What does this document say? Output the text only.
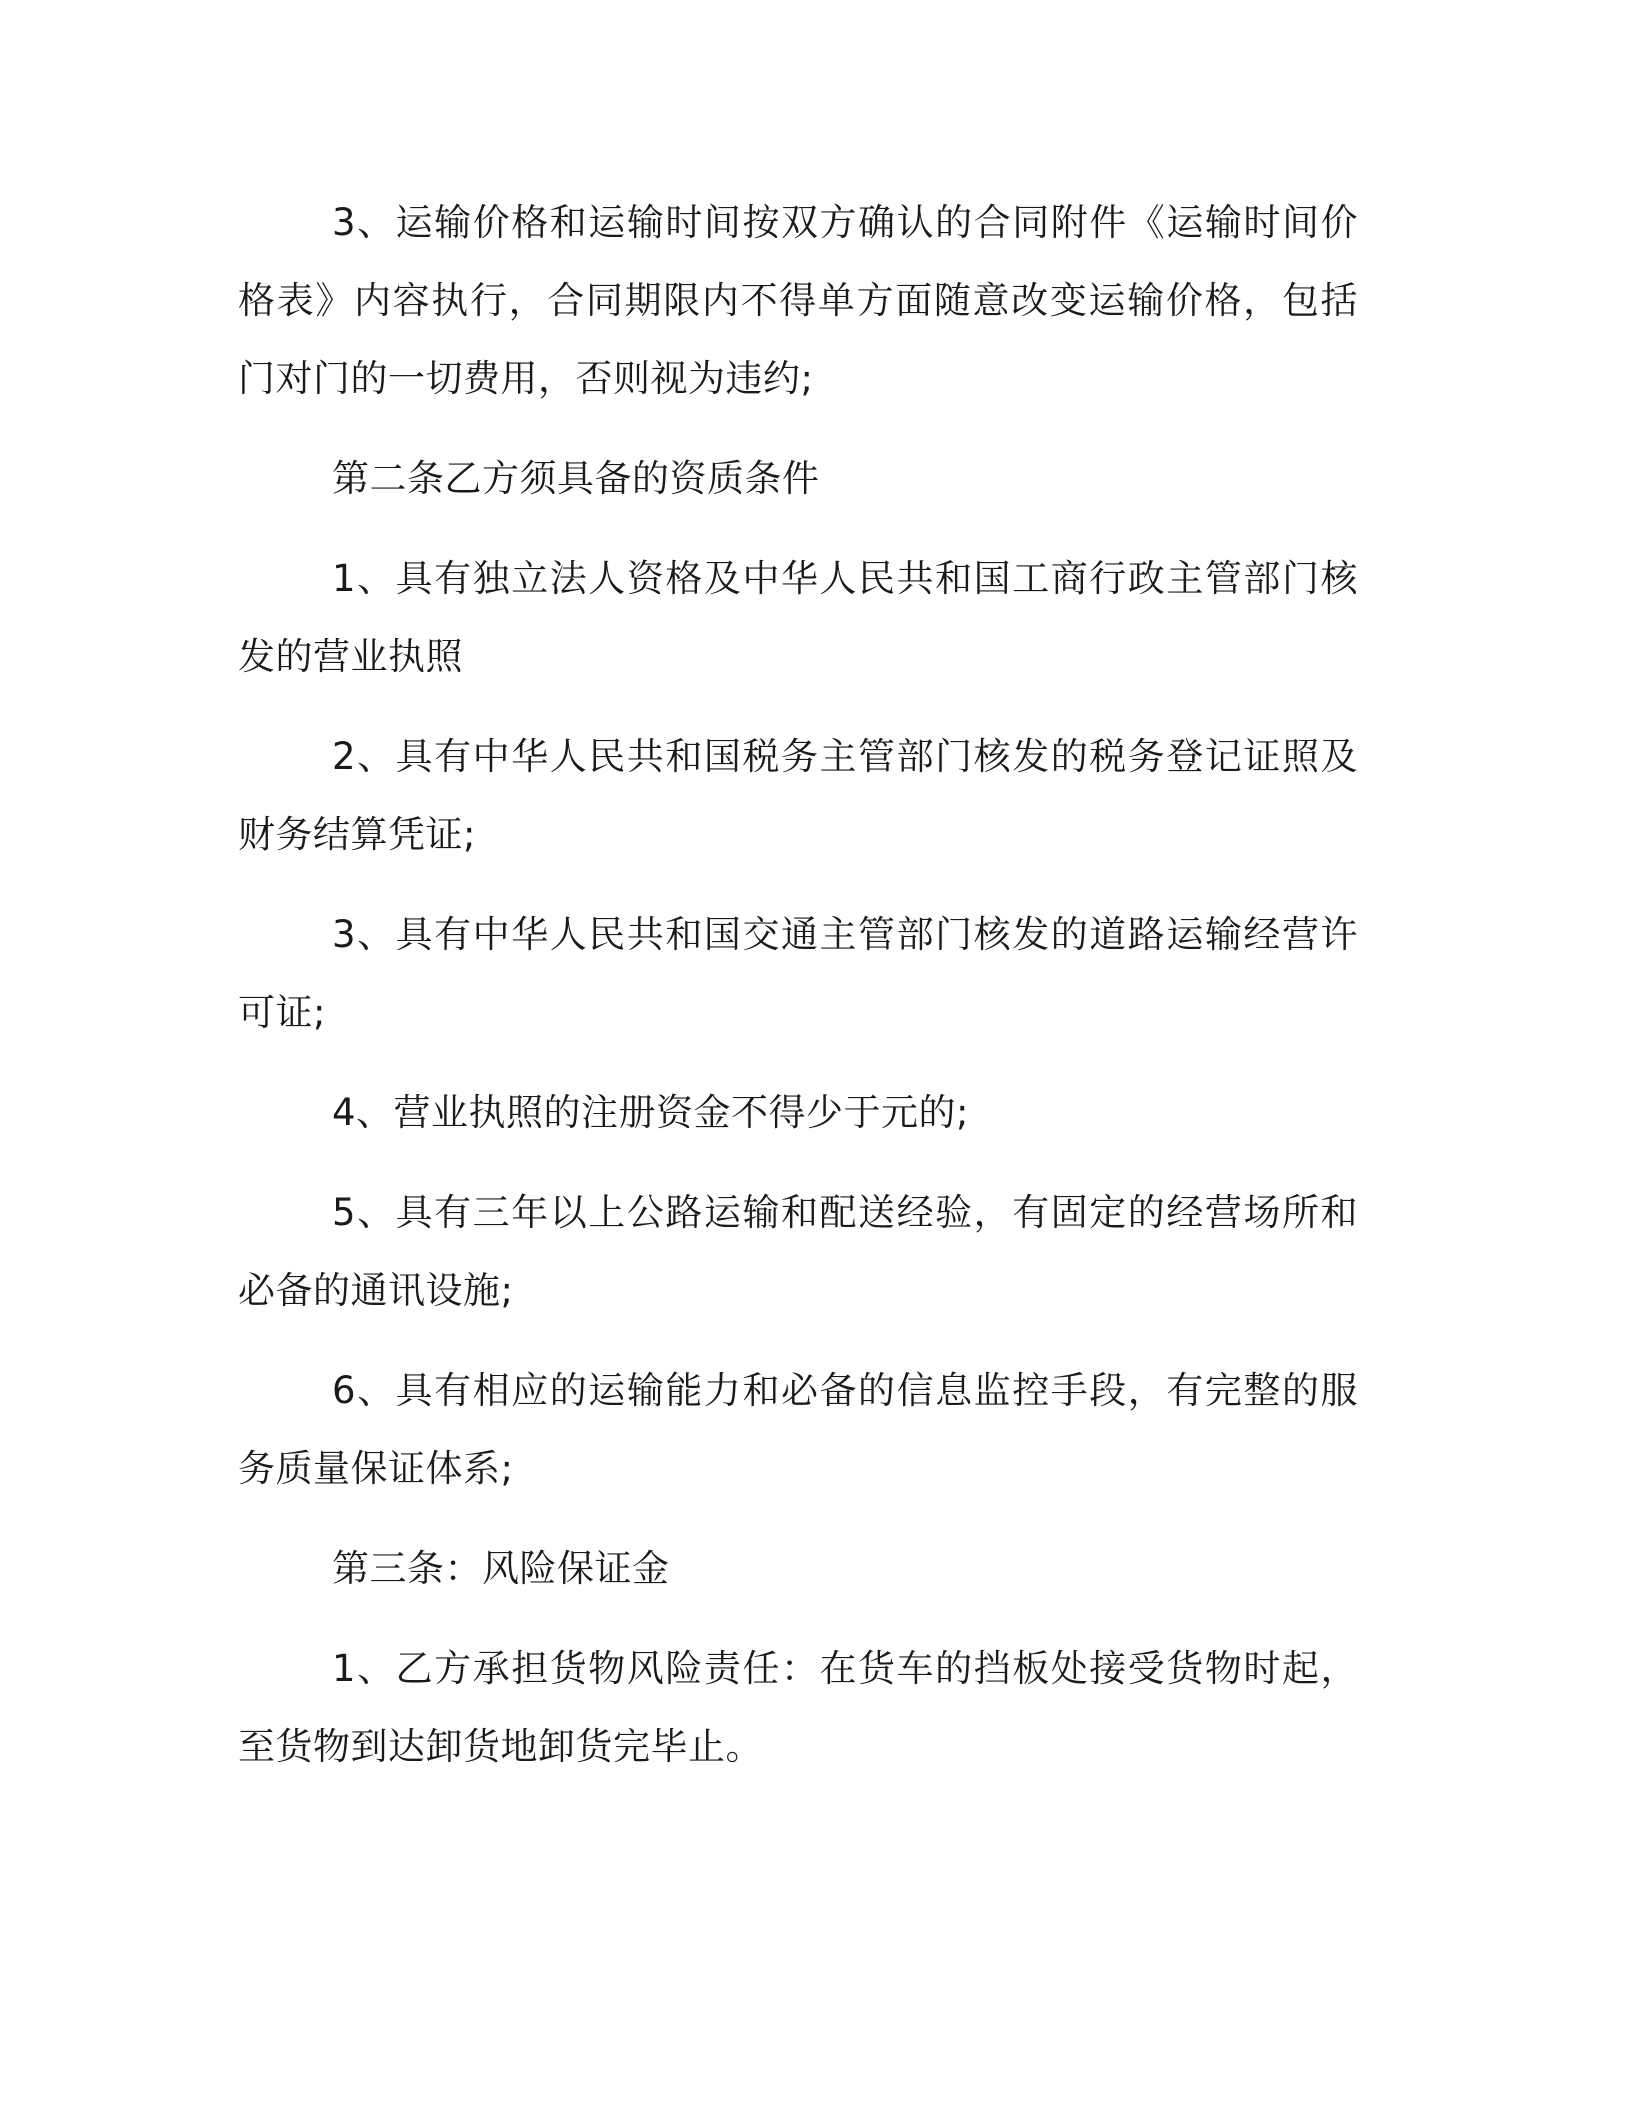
3、运输价格和运输时间按双方确认的合同附件《运输时间价格表》内容执行，合同期限内不得单方面随意改变运输价格，包括门对门的一切费用，否则视为违约;

第二条乙方须具备的资质条件

1、具有独立法人资格及中华人民共和国工商行政主管部门核发的营业执照

2、具有中华人民共和国税务主管部门核发的税务登记证照及财务结算凭证;

3、具有中华人民共和国交通主管部门核发的道路运输经营许可证;

4、营业执照的注册资金不得少于元的;

5、具有三年以上公路运输和配送经验，有固定的经营场所和必备的通讯设施;

6、具有相应的运输能力和必备的信息监控手段，有完整的服务质量保证体系;

第三条：风险保证金

1、乙方承担货物风险责任：在货车的挡板处接受货物时起，至货物到达卸货地卸货完毕止。
